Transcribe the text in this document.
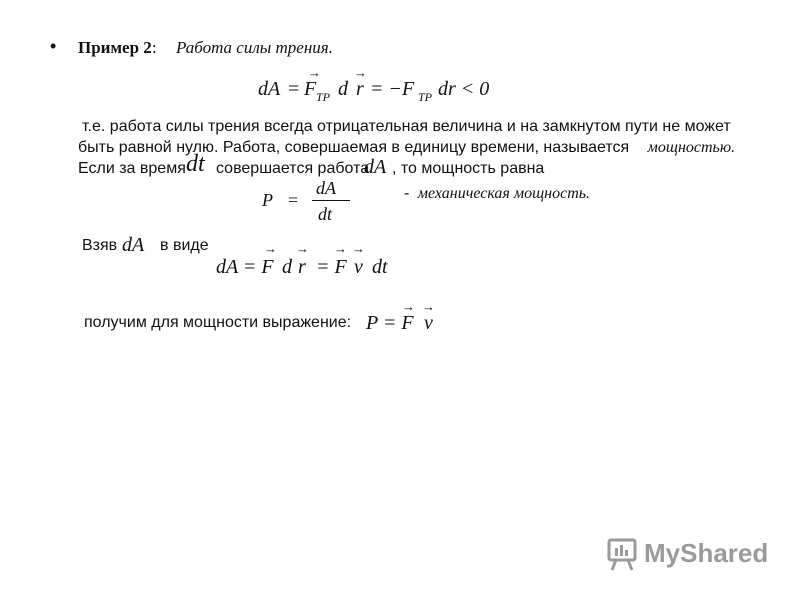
• Пример 2: Работа силы трения.
dA =
→
F TP d
→
r = −F TP dr < 0
т.е. работа силы трения всегда отрицательная величина и на замкнутом пути не может
быть равной нулю. Работа, совершаемая в единицу времени, называется мощностью.
Если за время dt совершается работа
dA , то мощность равна
P =
dA
dt
- механическая мощность.
Взяв dA в виде	→
dA = F d
→
r = F
→ →
v dt
получим для мощности выражение:
→ →
P = F v
MyShared
